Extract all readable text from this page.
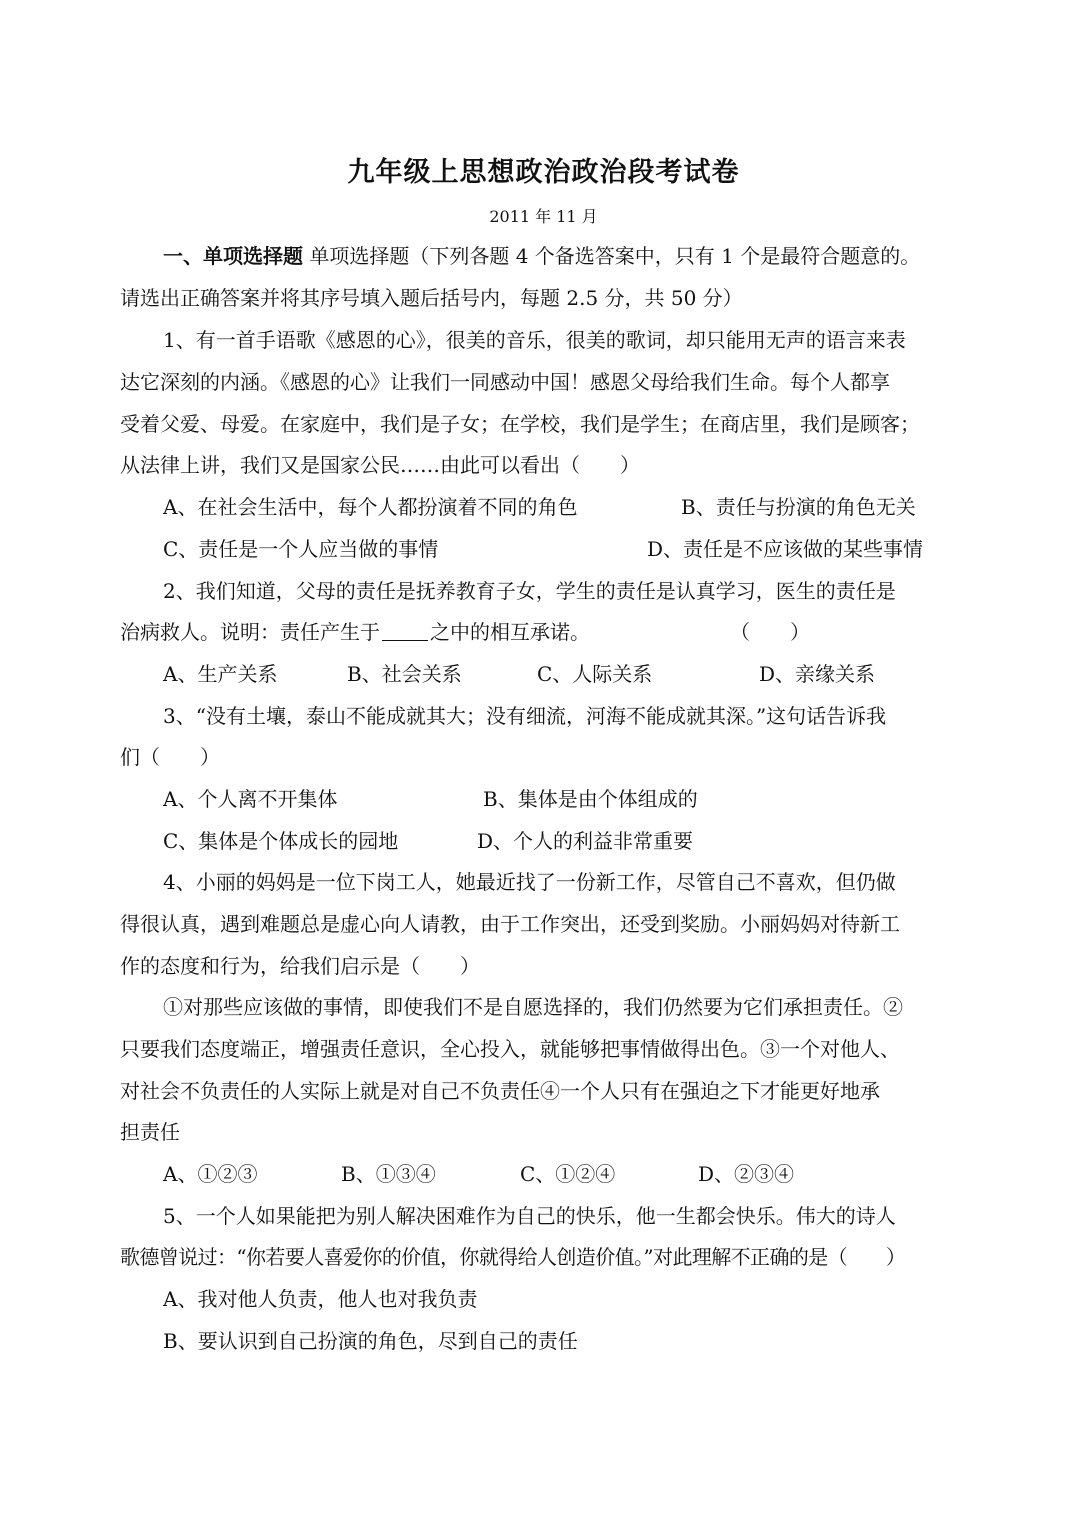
九年级上思想政治政治段考试卷
2011 年 11 月
一、单项选择题 单项选择题（下列各题 4 个备选答案中，只有 1 个是最符合题意的。
请选出正确答案并将其序号填入题后括号内，每题 2.5 分，共 50 分）
1、有一首手语歌《感恩的心》，很美的音乐，很美的歌词，却只能用无声的语言来表
达它深刻的内涵。《感恩的心》让我们一同感动中国！感恩父母给我们生命。每个人都享
受着父爱、母爱。在家庭中，我们是子女；在学校，我们是学生；在商店里，我们是顾客；
从法律上讲，我们又是国家公民……由此可以看出（　　）
A、在社会生活中，每个人都扮演着不同的角色	B、责任与扮演的角色无关
C、责任是一个人应当做的事情	D、责任是不应该做的某些事情
2、我们知道，父母的责任是抚养教育子女，学生的责任是认真学习，医生的责任是
治病救人。说明：责任产生于	之中的相互承诺。	（　　）
A、生产关系	B、社会关系	C、人际关系	D、亲缘关系
3、“没有土壤，泰山不能成就其大；没有细流，河海不能成就其深。”这句话告诉我
们（　　）
A、个人离不开集体	B、集体是由个体组成的
C、集体是个体成长的园地	D、个人的利益非常重要
4、小丽的妈妈是一位下岗工人，她最近找了一份新工作，尽管自己不喜欢，但仍做
得很认真，遇到难题总是虚心向人请教，由于工作突出，还受到奖励。小丽妈妈对待新工
作的态度和行为，给我们启示是（　　）
①对那些应该做的事情，即使我们不是自愿选择的，我们仍然要为它们承担责任。②
只要我们态度端正，增强责任意识，全心投入，就能够把事情做得出色。③一个对他人、
对社会不负责任的人实际上就是对自己不负责任④一个人只有在强迫之下才能更好地承
担责任
A、①②③	B、①③④	C、①②④	D、②③④
5、一个人如果能把为别人解决困难作为自己的快乐，他一生都会快乐。伟大的诗人
歌德曾说过：“你若要人喜爱你的价值，你就得给人创造价值。”对此理解不正确的是（　　）
A、我对他人负责，他人也对我负责
B、要认识到自己扮演的角色，尽到自己的责任
